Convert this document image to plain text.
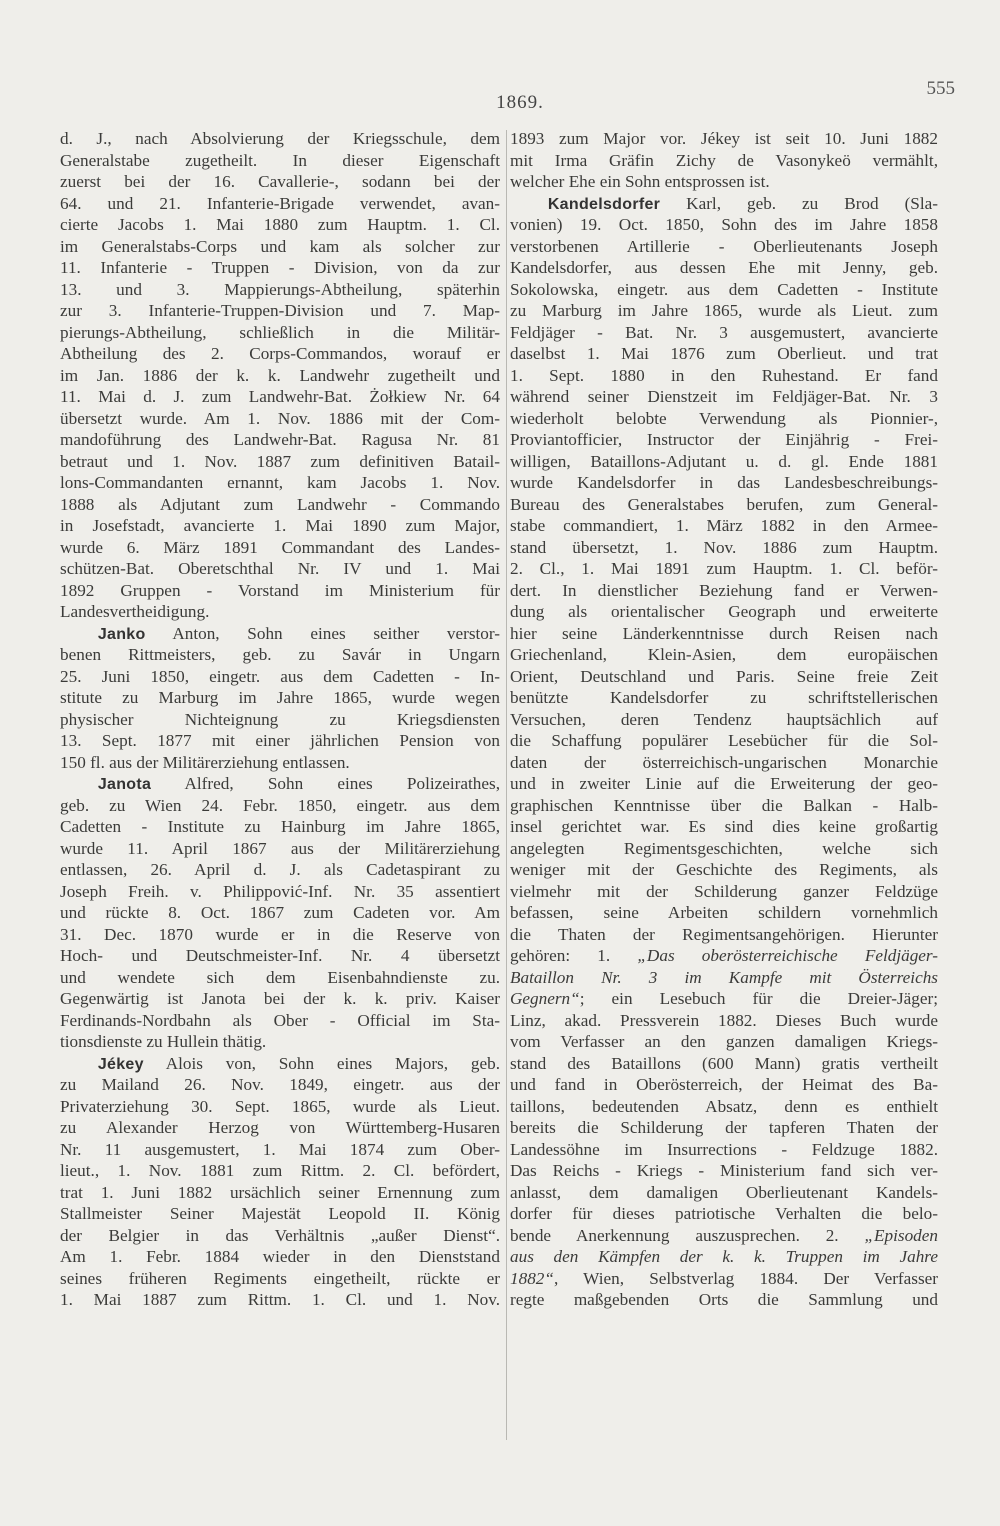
1869.
555
d. J., nach Absolvierung der Kriegsschule, dem
Generalstabe zugetheilt. In dieser Eigenschaft
zuerst bei der 16. Cavallerie-, sodann bei der
64. und 21. Infanterie-Brigade verwendet, avan-
cierte Jacobs 1. Mai 1880 zum Hauptm. 1. Cl.
im Generalstabs-Corps und kam als solcher zur
11. Infanterie - Truppen - Division, von da zur
13. und 3. Mappierungs-Abtheilung, späterhin
zur 3. Infanterie-Truppen-Division und 7. Map-
pierungs-Abtheilung, schließlich in die Militär-
Abtheilung des 2. Corps-Commandos, worauf er
im Jan. 1886 der k. k. Landwehr zugetheilt und
11. Mai d. J. zum Landwehr-Bat. Żołkiew Nr. 64
übersetzt wurde. Am 1. Nov. 1886 mit der Com-
mandoführung des Landwehr-Bat. Ragusa Nr. 81
betraut und 1. Nov. 1887 zum definitiven Batail-
lons-Commandanten ernannt, kam Jacobs 1. Nov.
1888 als Adjutant zum Landwehr - Commando
in Josefstadt, avancierte 1. Mai 1890 zum Major,
wurde 6. März 1891 Commandant des Landes-
schützen-Bat. Oberetschthal Nr. IV und 1. Mai
1892 Gruppen - Vorstand im Ministerium für
Landesvertheidigung.
Janko Anton, Sohn eines seither verstor-
benen Rittmeisters, geb. zu Savár in Ungarn
25. Juni 1850, eingetr. aus dem Cadetten - In-
stitute zu Marburg im Jahre 1865, wurde wegen
physischer Nichteignung zu Kriegsdiensten
13. Sept. 1877 mit einer jährlichen Pension von
150 fl. aus der Militärerziehung entlassen.
Janota Alfred, Sohn eines Polizeirathes,
geb. zu Wien 24. Febr. 1850, eingetr. aus dem
Cadetten - Institute zu Hainburg im Jahre 1865,
wurde 11. April 1867 aus der Militärerziehung
entlassen, 26. April d. J. als Cadetaspirant zu
Joseph Freih. v. Philippović-Inf. Nr. 35 assentiert
und rückte 8. Oct. 1867 zum Cadeten vor. Am
31. Dec. 1870 wurde er in die Reserve von
Hoch- und Deutschmeister-Inf. Nr. 4 übersetzt
und wendete sich dem Eisenbahndienste zu.
Gegenwärtig ist Janota bei der k. k. priv. Kaiser
Ferdinands-Nordbahn als Ober - Official im Sta-
tionsdienste zu Hullein thätig.
Jékey Alois von, Sohn eines Majors, geb.
zu Mailand 26. Nov. 1849, eingetr. aus der
Privaterziehung 30. Sept. 1865, wurde als Lieut.
zu Alexander Herzog von Württemberg-Husaren
Nr. 11 ausgemustert, 1. Mai 1874 zum Ober-
lieut., 1. Nov. 1881 zum Rittm. 2. Cl. befördert,
trat 1. Juni 1882 ursächlich seiner Ernennung zum
Stallmeister Seiner Majestät Leopold II. König
der Belgier in das Verhältnis „außer Dienst“.
Am 1. Febr. 1884 wieder in den Dienststand
seines früheren Regiments eingetheilt, rückte er
1. Mai 1887 zum Rittm. 1. Cl. und 1. Nov.
1893 zum Major vor. Jékey ist seit 10. Juni 1882
mit Irma Gräfin Zichy de Vasonykeö vermählt,
welcher Ehe ein Sohn entsprossen ist.
Kandelsdorfer Karl, geb. zu Brod (Sla-
vonien) 19. Oct. 1850, Sohn des im Jahre 1858
verstorbenen Artillerie - Oberlieutenants Joseph
Kandelsdorfer, aus dessen Ehe mit Jenny, geb.
Sokolowska, eingetr. aus dem Cadetten - Institute
zu Marburg im Jahre 1865, wurde als Lieut. zum
Feldjäger - Bat. Nr. 3 ausgemustert, avancierte
daselbst 1. Mai 1876 zum Oberlieut. und trat
1. Sept. 1880 in den Ruhestand. Er fand
während seiner Dienstzeit im Feldjäger-Bat. Nr. 3
wiederholt belobte Verwendung als Pionnier-,
Proviantofficier, Instructor der Einjährig - Frei-
willigen, Bataillons-Adjutant u. d. gl. Ende 1881
wurde Kandelsdorfer in das Landesbeschreibungs-
Bureau des Generalstabes berufen, zum General-
stabe commandiert, 1. März 1882 in den Armee-
stand übersetzt, 1. Nov. 1886 zum Hauptm.
2. Cl., 1. Mai 1891 zum Hauptm. 1. Cl. beför-
dert. In dienstlicher Beziehung fand er Verwen-
dung als orientalischer Geograph und erweiterte
hier seine Länderkenntnisse durch Reisen nach
Griechenland, Klein-Asien, dem europäischen
Orient, Deutschland und Paris. Seine freie Zeit
benützte Kandelsdorfer zu schriftstellerischen
Versuchen, deren Tendenz hauptsächlich auf
die Schaffung populärer Lesebücher für die Sol-
daten der österreichisch-ungarischen Monarchie
und in zweiter Linie auf die Erweiterung der geo-
graphischen Kenntnisse über die Balkan - Halb-
insel gerichtet war. Es sind dies keine großartig
angelegten Regimentsgeschichten, welche sich
weniger mit der Geschichte des Regiments, als
vielmehr mit der Schilderung ganzer Feldzüge
befassen, seine Arbeiten schildern vornehmlich
die Thaten der Regimentsangehörigen. Hierunter
gehören: 1. „Das oberösterreichische Feldjäger-
Bataillon Nr. 3 im Kampfe mit Österreichs
Gegnern“; ein Lesebuch für die Dreier-Jäger;
Linz, akad. Pressverein 1882. Dieses Buch wurde
vom Verfasser an den ganzen damaligen Kriegs-
stand des Bataillons (600 Mann) gratis vertheilt
und fand in Oberösterreich, der Heimat des Ba-
taillons, bedeutenden Absatz, denn es enthielt
bereits die Schilderung der tapferen Thaten der
Landessöhne im Insurrections - Feldzuge 1882.
Das Reichs - Kriegs - Ministerium fand sich ver-
anlasst, dem damaligen Oberlieutenant Kandels-
dorfer für dieses patriotische Verhalten die belo-
bende Anerkennung auszusprechen. 2. „Episoden
aus den Kämpfen der k. k. Truppen im Jahre
1882“, Wien, Selbstverlag 1884. Der Verfasser
regte maßgebenden Orts die Sammlung und
